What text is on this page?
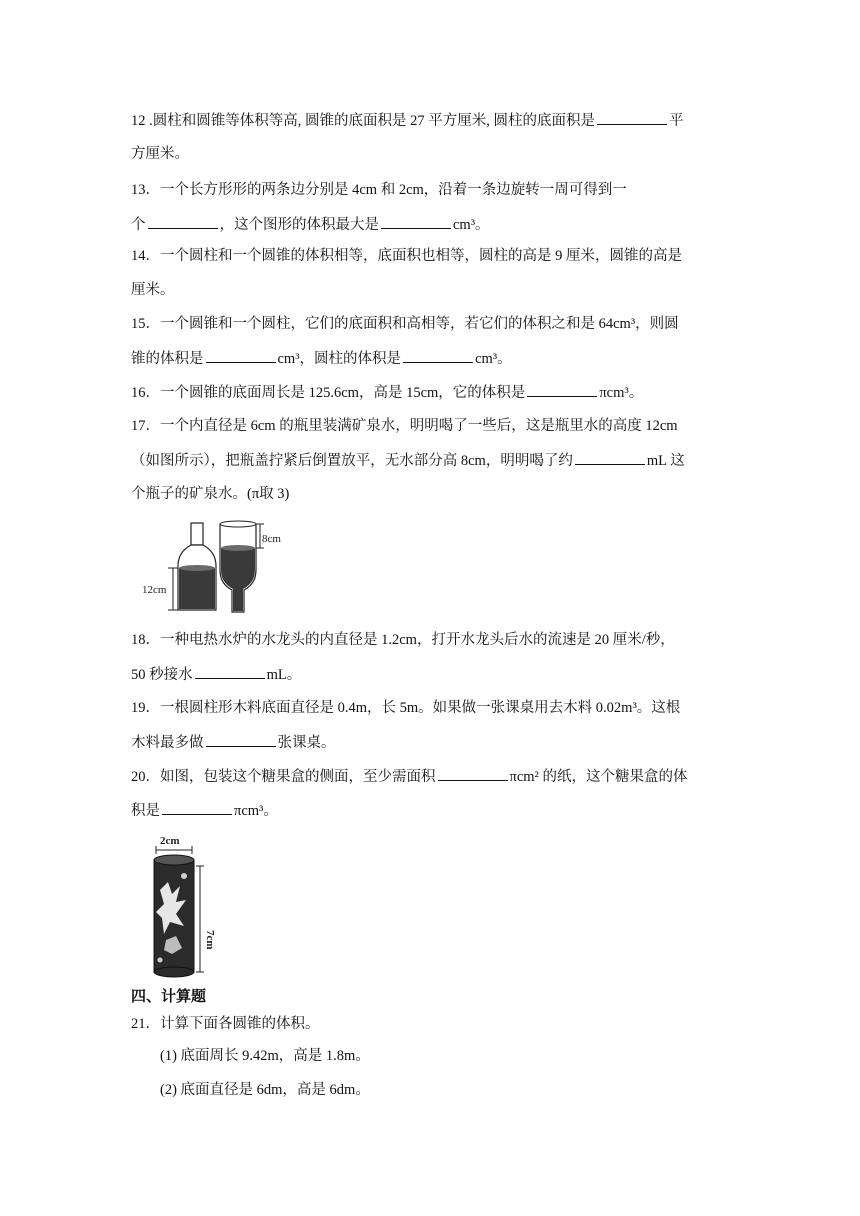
12 .圆柱和圆锥等体积等高, 圆锥的底面积是 27 平方厘米, 圆柱的底面积是	平
方厘米。
13．一个长方形形的两条边分别是 4cm 和 2cm，沿着一条边旋转一周可得到一
个	，这个图形的体积最大是	cm³。
14．一个圆柱和一个圆锥的体积相等，底面积也相等，圆柱的高是 9 厘米，圆锥的高是
厘米。
15．一个圆锥和一个圆柱，它们的底面积和高相等，若它们的体积之和是 64cm³，则圆
锥的体积是	cm³，圆柱的体积是	cm³。
16．一个圆锥的底面周长是 125.6cm，高是 15cm，它的体积是	πcm³。
17．一个内直径是 6cm 的瓶里装满矿泉水，明明喝了一些后，这是瓶里水的高度 12cm
（如图所示），把瓶盖拧紧后倒置放平，无水部分高 8cm，明明喝了约	mL 这
个瓶子的矿泉水。(π取 3)
12cm
8cm
18．一种电热水炉的水龙头的内直径是 1.2cm，打开水龙头后水的流速是 20 厘米/秒，
50 秒接水	mL。
19．一根圆柱形木料底面直径是 0.4m，长 5m。如果做一张课桌用去木料 0.02m³。这根
木料最多做	张课桌。
20．如图，包装这个糖果盒的侧面，至少需面积	πcm² 的纸，这个糖果盒的体
积是	πcm³。
2cm
7cm
四、计算题
21．计算下面各圆锥的体积。
(1) 底面周长 9.42m，高是 1.8m。
(2) 底面直径是 6dm，高是 6dm。
